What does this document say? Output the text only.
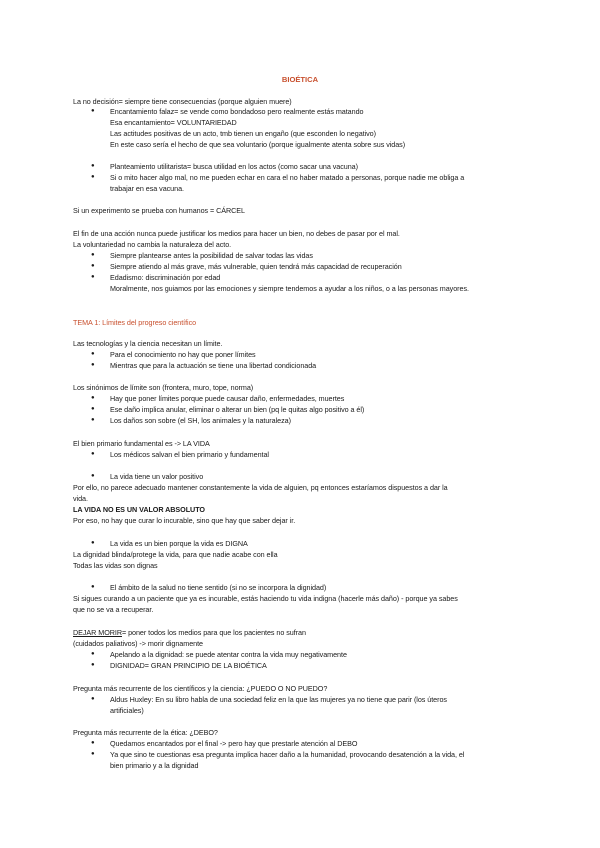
BIOÉTICA
La no decisión= siempre tiene consecuencias (porque alguien muere)
● Encantamiento falaz= se vende como bondadoso pero realmente estás matando
Esa encantamiento= VOLUNTARIEDAD
Las actitudes positivas de un acto, tmb tienen un engaño (que esconden lo negativo)
En este caso sería el hecho de que sea voluntario (porque igualmente atenta sobre sus vidas)
● Planteamiento utilitarista= busca utilidad en los actos (como sacar una vacuna)
● Si o mito hacer algo mal, no me pueden echar en cara el no haber matado a personas, porque nadie me obliga a
trabajar en esa vacuna.
Si un experimento se prueba con humanos = CÁRCEL
El fin de una acción nunca puede justificar los medios para hacer un bien, no debes de pasar por el mal.
La voluntariedad no cambia la naturaleza del acto.
● Siempre plantearse antes la posibilidad de salvar todas las vidas
● Siempre atiendo al más grave, más vulnerable, quien tendrá más capacidad de recuperación
● Edadismo: discriminación por edad
Moralmente, nos guiamos por las emociones y siempre tendemos a ayudar a los niños, o a las personas mayores.
TEMA 1: Límites del progreso científico
Las tecnologías y la ciencia necesitan un límite.
● Para el conocimiento no hay que poner límites
● Mientras que para la actuación se tiene una libertad condicionada
Los sinónimos de límite son (frontera, muro, tope, norma)
● Hay que poner límites porque puede causar daño, enfermedades, muertes
● Ese daño implica anular, eliminar o alterar un bien (pq le quitas algo positivo a él)
● Los daños son sobre (el SH, los animales y la naturaleza)
El bien primario fundamental es -> LA VIDA
● Los médicos salvan el bien primario y fundamental
● La vida tiene un valor positivo
Por ello, no parece adecuado mantener constantemente la vida de alguien, pq entonces estaríamos dispuestos a dar la
vida.
LA VIDA NO ES UN VALOR ABSOLUTO
Por eso, no hay que curar lo incurable, sino que hay que saber dejar ir.
● La vida es un bien porque la vida es DIGNA
La dignidad blinda/protege la vida, para que nadie acabe con ella
Todas las vidas son dignas
● El ámbito de la salud no tiene sentido (si no se incorpora la dignidad)
Si sigues curando a un paciente que ya es incurable, estás haciendo tu vida indigna (hacerle más daño) - porque ya sabes
que no se va a recuperar.
DEJAR MORIR= poner todos los medios para que los pacientes no sufran
(cuidados paliativos) -> morir dignamente
● Apelando a la dignidad: se puede atentar contra la vida muy negativamente
● DIGNIDAD= GRAN PRINCIPIO DE LA BIOÉTICA
Pregunta más recurrente de los científicos y la ciencia: ¿PUEDO O NO PUEDO?
● Aldus Huxley: En su libro habla de una sociedad feliz en la que las mujeres ya no tiene que parir (los úteros
artificiales)
Pregunta más recurrente de la ética: ¿DEBO?
● Quedamos encantados por el final -> pero hay que prestarle atención al DEBO
● Ya que sino te cuestionas esa pregunta implica hacer daño a la humanidad, provocando desatención a la vida, el
bien primario y a la dignidad
